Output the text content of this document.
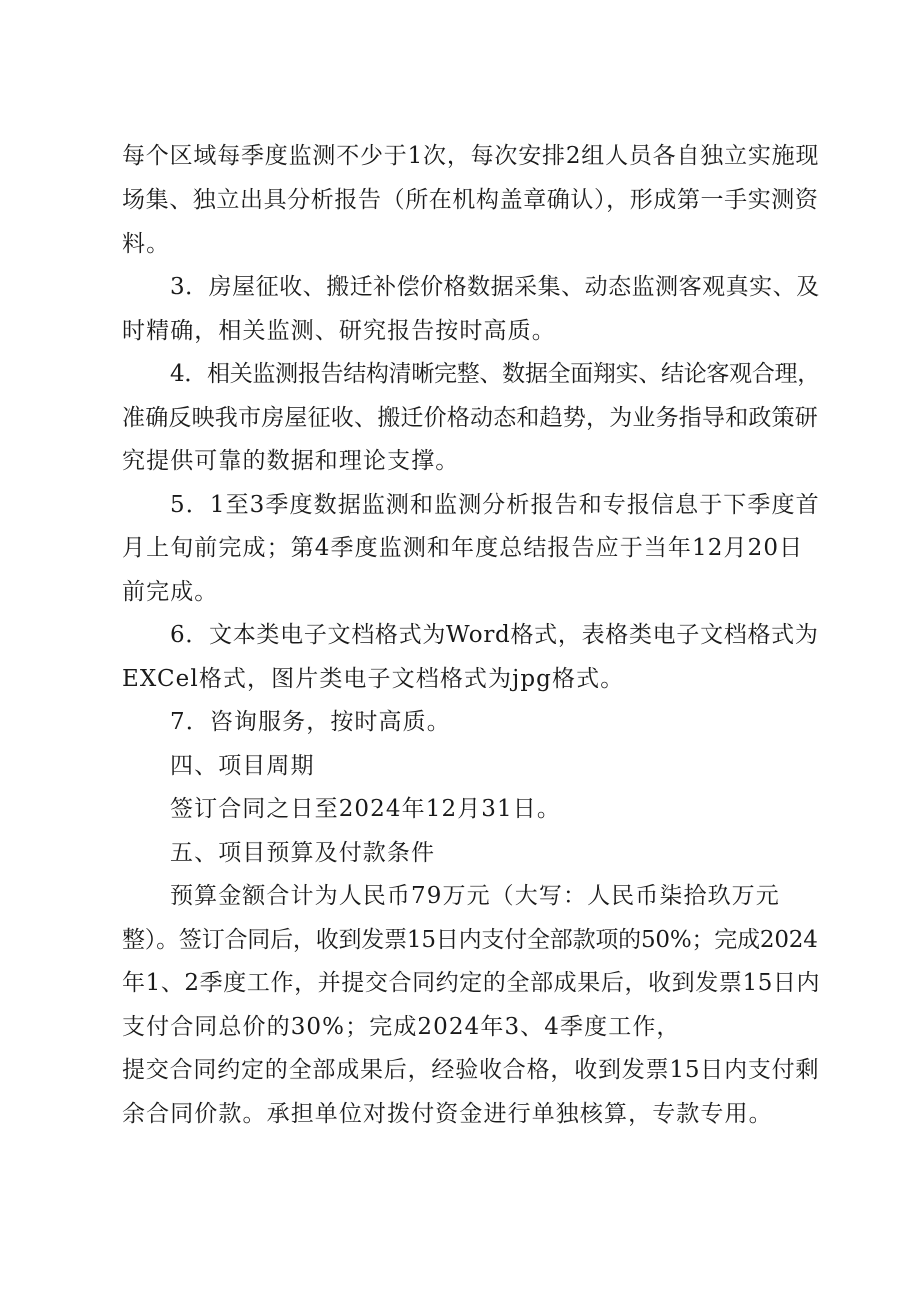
每个区域每季度监测不少于1次，每次安排2组人员各自独立实施现
场集、独立出具分析报告（所在机构盖章确认），形成第一手实测资
料。
3．房屋征收、搬迁补偿价格数据采集、动态监测客观真实、及
时精确，相关监测、研究报告按时高质。
4．相关监测报告结构清晰完整、数据全面翔实、结论客观合理，
准确反映我市房屋征收、搬迁价格动态和趋势，为业务指导和政策研
究提供可靠的数据和理论支撑。
5．1至3季度数据监测和监测分析报告和专报信息于下季度首
月上旬前完成；第4季度监测和年度总结报告应于当年12月20日
前完成。
6．文本类电子文档格式为Word格式，表格类电子文档格式为
EXCel格式，图片类电子文档格式为jpg格式。
7．咨询服务，按时高质。
四、项目周期
签订合同之日至2024年12月31日。
五、项目预算及付款条件
预算金额合计为人民币79万元（大写：人民币柒拾玖万元
整）。签订合同后，收到发票15日内支付全部款项的50%；完成2024
年1、2季度工作，并提交合同约定的全部成果后，收到发票15日内
支付合同总价的30%；完成2024年3、4季度工作，
提交合同约定的全部成果后，经验收合格，收到发票15日内支付剩
余合同价款。承担单位对拨付资金进行单独核算，专款专用。
